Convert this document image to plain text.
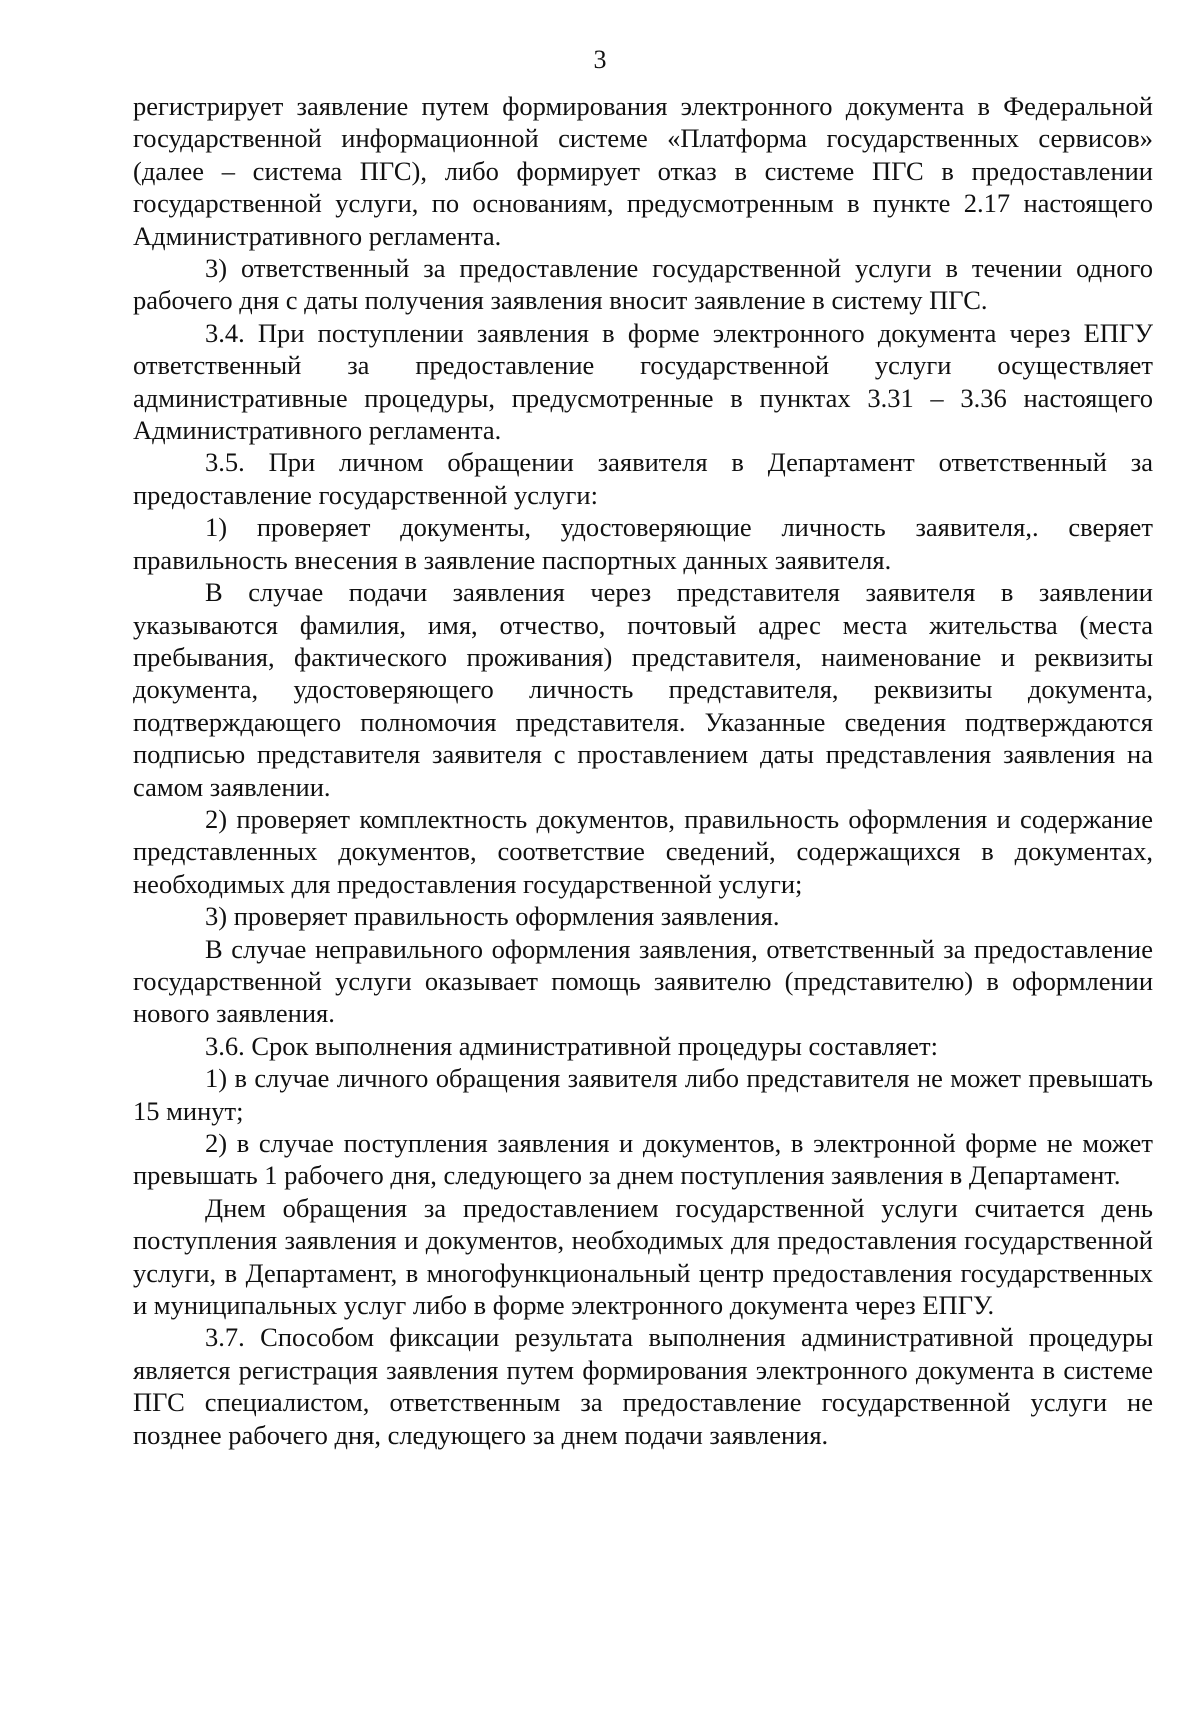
3

регистрирует заявление путем формирования электронного документа в Федеральной государственной информационной системе «Платформа государственных сервисов» (далее – система ПГС), либо формирует отказ в системе ПГС в предоставлении государственной услуги, по основаниям, предусмотренным в пункте 2.17 настоящего Административного регламента.

3) ответственный за предоставление государственной услуги в течении одного рабочего дня с даты получения заявления вносит заявление в систему ПГС.

3.4. При поступлении заявления в форме электронного документа через ЕПГУ ответственный за предоставление государственной услуги осуществляет административные процедуры, предусмотренные в пунктах 3.31 – 3.36 настоящего Административного регламента.

3.5. При личном обращении заявителя в Департамент ответственный за предоставление государственной услуги:

1) проверяет документы, удостоверяющие личность заявителя,. сверяет правильность внесения в заявление паспортных данных заявителя.

В случае подачи заявления через представителя заявителя в заявлении указываются фамилия, имя, отчество, почтовый адрес места жительства (места пребывания, фактического проживания) представителя, наименование и реквизиты документа, удостоверяющего личность представителя, реквизиты документа, подтверждающего полномочия представителя. Указанные сведения подтверждаются подписью представителя заявителя с проставлением даты представления заявления на самом заявлении.

2) проверяет комплектность документов, правильность оформления и содержание представленных документов, соответствие сведений, содержащихся в документах, необходимых для предоставления государственной услуги;

3) проверяет правильность оформления заявления.

В случае неправильного оформления заявления, ответственный за предоставление государственной услуги оказывает помощь заявителю (представителю) в оформлении нового заявления.

3.6. Срок выполнения административной процедуры составляет:

1) в случае личного обращения заявителя либо представителя не может превышать 15 минут;

2) в случае поступления заявления и документов, в электронной форме не может превышать 1 рабочего дня, следующего за днем поступления заявления в Департамент.

Днем обращения за предоставлением государственной услуги считается день поступления заявления и документов, необходимых для предоставления государственной услуги, в Департамент, в многофункциональный центр предоставления государственных и муниципальных услуг либо в форме электронного документа через ЕПГУ.

3.7. Способом фиксации результата выполнения административной процедуры является регистрация заявления путем формирования электронного документа в системе ПГС специалистом, ответственным за предоставление государственной услуги не позднее рабочего дня, следующего за днем подачи заявления.
